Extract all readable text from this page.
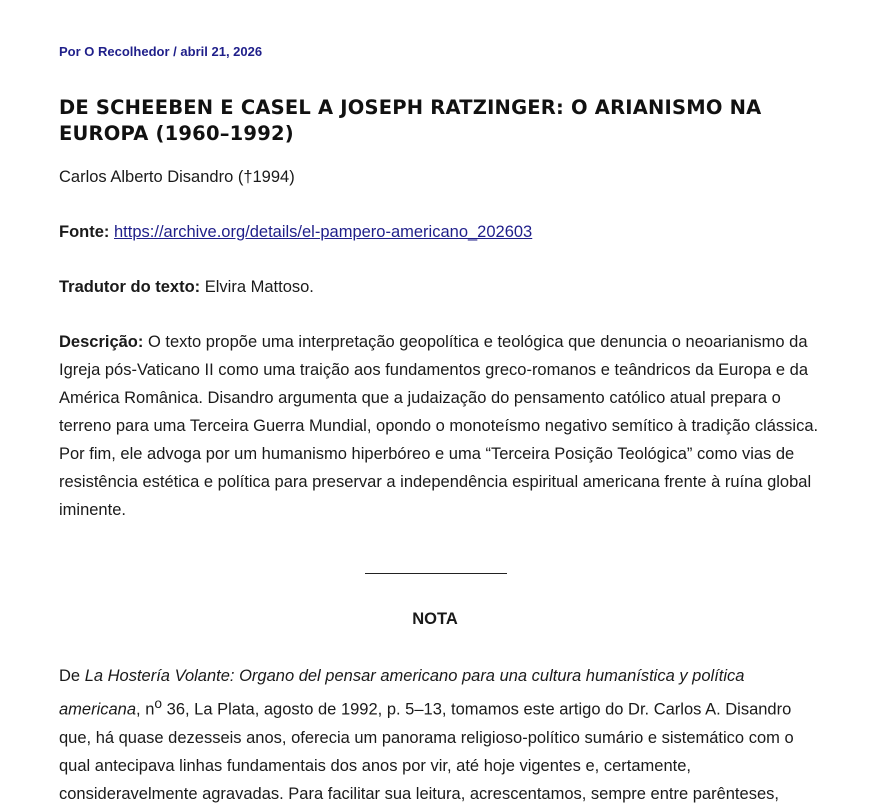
Por O Recolhedor / abril 21, 2026
DE SCHEEBEN E CASEL A JOSEPH RATZINGER: O ARIANISMO NA EUROPA (1960–1992)

Carlos Alberto Disandro (†1994)

Fonte: https://archive.org/details/el-pampero-americano_202603

Tradutor do texto: Elvira Mattoso.

Descrição: O texto propõe uma interpretação geopolítica e teológica que denuncia o neoarianismo da Igreja pós-Vaticano II como uma traição aos fundamentos greco-romanos e teândricos da Europa e da América Românica. Disandro argumenta que a judaização do pensamento católico atual prepara o terreno para uma Terceira Guerra Mundial, opondo o monoteísmo negativo semítico à tradição clássica. Por fim, ele advoga por um humanismo hiperbóreo e uma “Terceira Posição Teológica” como vias de resistência estética e política para preservar a independência espiritual americana frente à ruína global iminente.

NOTA

De La Hostería Volante: Organo del pensar americano para una cultura humanística y política americana, $n^o$ 36, La Plata, agosto de 1992, p. 5–13, tomamos este artigo do Dr. Carlos A. Disandro que, há quase dezesseis anos, oferecia um panorama religioso-político sumário e sistemático com o qual antecipava linhas fundamentais dos anos por vir, até hoje vigentes e, certamente, consideravelmente agravadas. Para facilitar sua leitura, acrescentamos, sempre entre parênteses,
